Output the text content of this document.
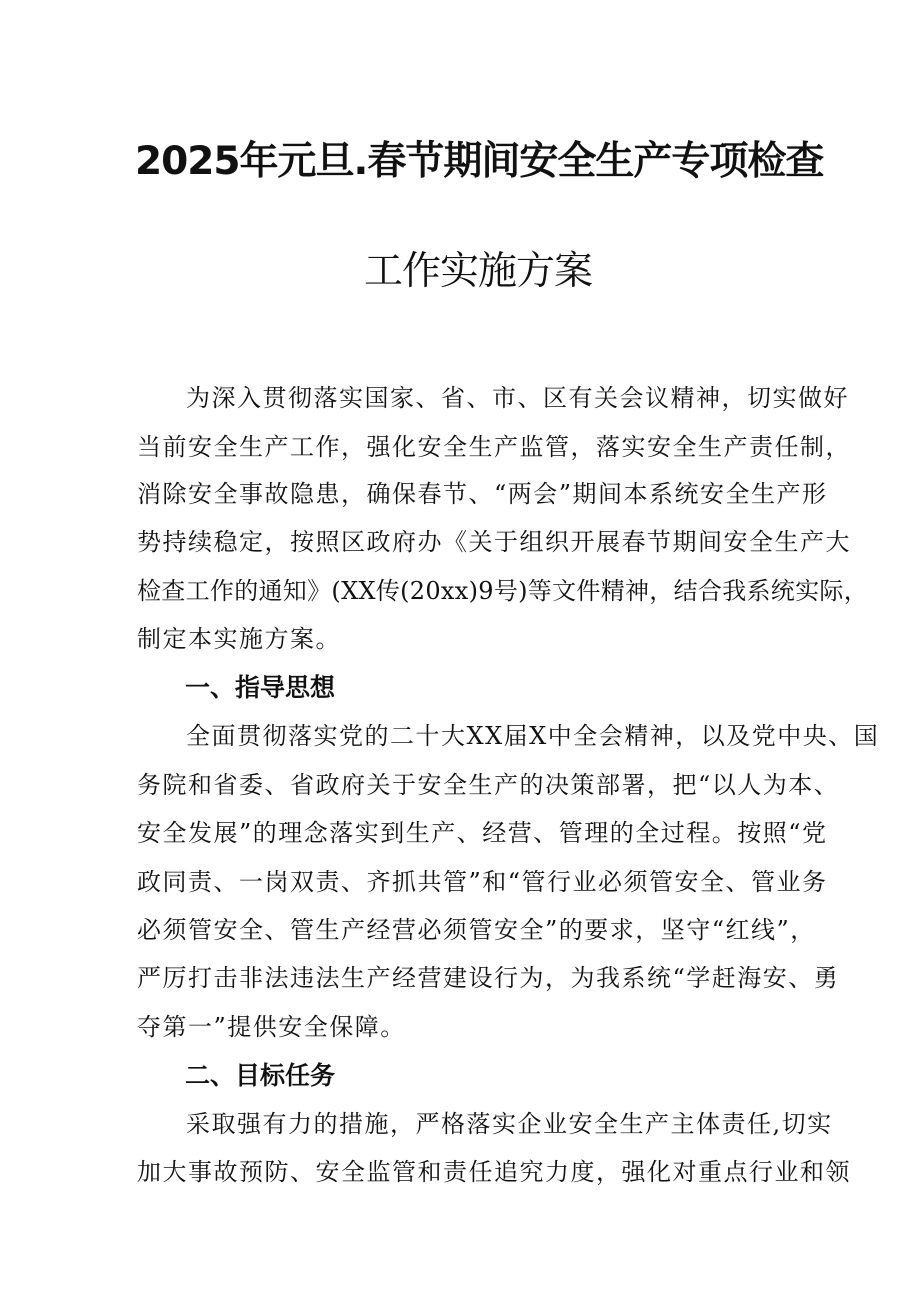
2025年元旦.春节期间安全生产专项检查
工作实施方案
为深入贯彻落实国家、省、市、区有关会议精神，切实做好
当前安全生产工作，强化安全生产监管，落实安全生产责任制，
消除安全事故隐患，确保春节、“两会”期间本系统安全生产形
势持续稳定，按照区政府办《关于组织开展春节期间安全生产大
检查工作的通知》(XX传(20xx)9号)等文件精神，结合我系统实际，
制定本实施方案。
一、指导思想
全面贯彻落实党的二十大XX届X中全会精神，以及党中央、国
务院和省委、省政府关于安全生产的决策部署，把“以人为本、
安全发展”的理念落实到生产、经营、管理的全过程。按照“党
政同责、一岗双责、齐抓共管”和“管行业必须管安全、管业务
必须管安全、管生产经营必须管安全”的要求，坚守“红线”，
严厉打击非法违法生产经营建设行为，为我系统“学赶海安、勇
夺第一”提供安全保障。
二、目标任务
采取强有力的措施，严格落实企业安全生产主体责任,切实
加大事故预防、安全监管和责任追究力度，强化对重点行业和领
